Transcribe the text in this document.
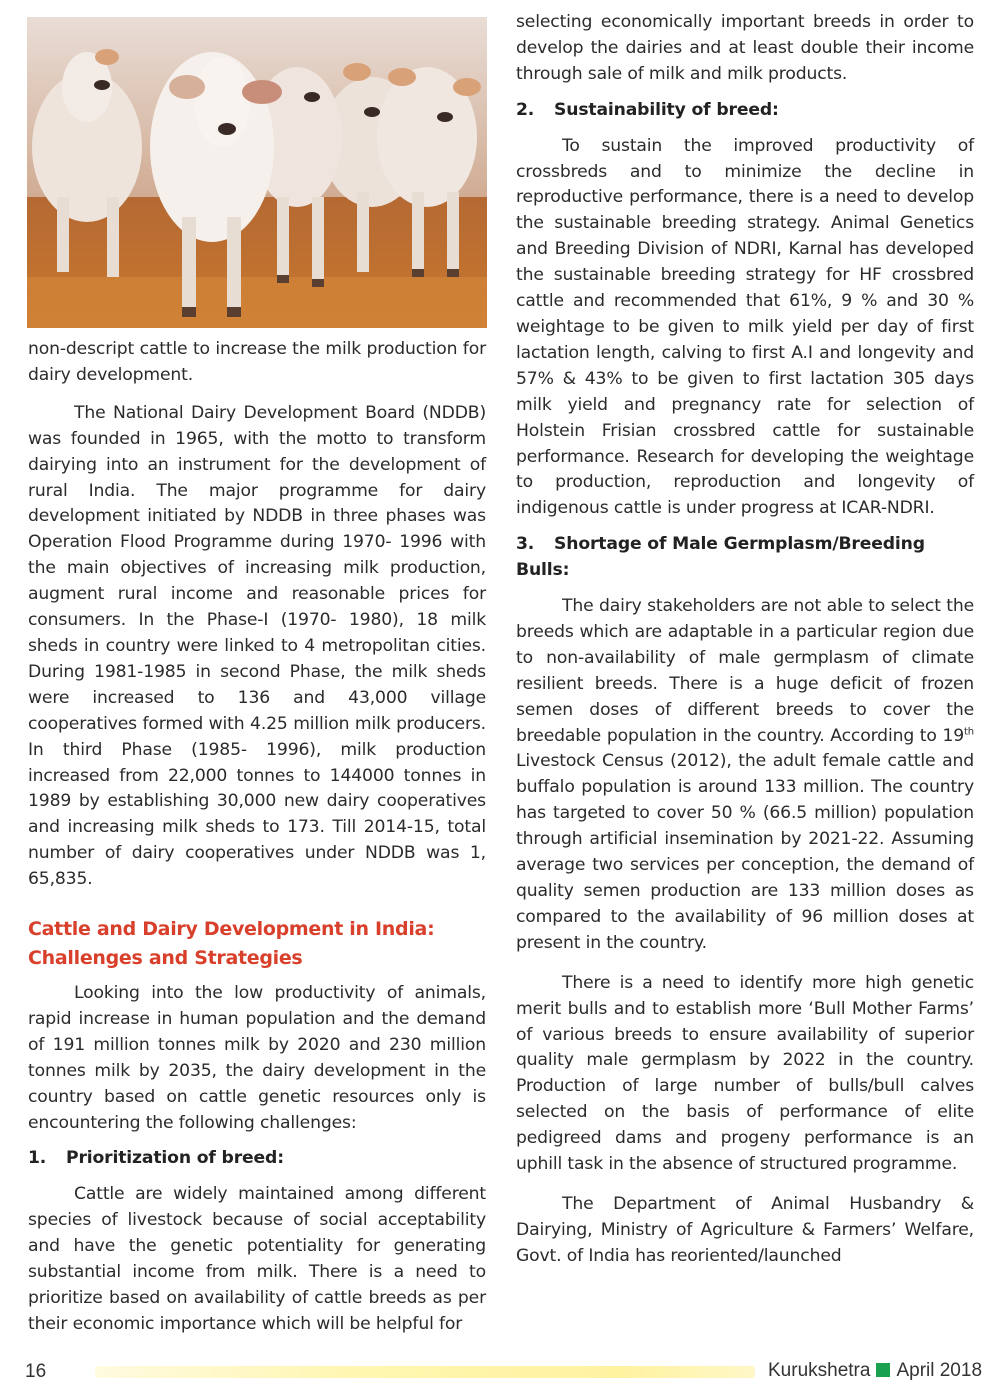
non-descript cattle to increase the milk production for dairy development.

The National Dairy Development Board (NDDB) was founded in 1965, with the motto to transform dairying into an instrument for the development of rural India. The major programme for dairy development initiated by NDDB in three phases was Operation Flood Programme during 1970- 1996 with the main objectives of increasing milk production, augment rural income and reasonable prices for consumers. In the Phase-I (1970- 1980), 18 milk sheds in country were linked to 4 metropolitan cities. During 1981-1985 in second Phase, the milk sheds were increased to 136 and 43,000 village cooperatives formed with 4.25 million milk producers. In third Phase (1985- 1996), milk production increased from 22,000 tonnes to 144000 tonnes in 1989 by establishing 30,000 new dairy cooperatives and increasing milk sheds to 173. Till 2014-15, total number of dairy cooperatives under NDDB was 1, 65,835.

Cattle and Dairy Development in India:
Challenges and Strategies

Looking into the low productivity of animals, rapid increase in human population and the demand of 191 million tonnes milk by 2020 and 230 million tonnes milk by 2035, the dairy development in the country based on cattle genetic resources only is encountering the following challenges:

1. Prioritization of breed:

Cattle are widely maintained among different species of livestock because of social acceptability and have the genetic potentiality for generating substantial income from milk. There is a need to prioritize based on availability of cattle breeds as per their economic importance which will be helpful for

selecting economically important breeds in order to develop the dairies and at least double their income through sale of milk and milk products.

2. Sustainability of breed:

To sustain the improved productivity of crossbreds and to minimize the decline in reproductive performance, there is a need to develop the sustainable breeding strategy. Animal Genetics and Breeding Division of NDRI, Karnal has developed the sustainable breeding strategy for HF crossbred cattle and recommended that 61%, 9 % and 30 % weightage to be given to milk yield per day of first lactation length, calving to first A.I and longevity and 57% & 43% to be given to first lactation 305 days milk yield and pregnancy rate for selection of Holstein Frisian crossbred cattle for sustainable performance. Research for developing the weightage to production, reproduction and longevity of indigenous cattle is under progress at ICAR-NDRI.

3. Shortage of Male Germplasm/Breeding Bulls:

The dairy stakeholders are not able to select the breeds which are adaptable in a particular region due to non-availability of male germplasm of climate resilient breeds. There is a huge deficit of frozen semen doses of different breeds to cover the breedable population in the country. According to 19th Livestock Census (2012), the adult female cattle and buffalo population is around 133 million. The country has targeted to cover 50 % (66.5 million) population through artificial insemination by 2021-22. Assuming average two services per conception, the demand of quality semen production are 133 million doses as compared to the availability of 96 million doses at present in the country.

There is a need to identify more high genetic merit bulls and to establish more ‘Bull Mother Farms’ of various breeds to ensure availability of superior quality male germplasm by 2022 in the country. Production of large number of bulls/bull calves selected on the basis of performance of elite pedigreed dams and progeny performance is an uphill task in the absence of structured programme.

The Department of Animal Husbandry & Dairying, Ministry of Agriculture & Farmers’ Welfare, Govt. of India has reoriented/launched

16	Kurukshetra April 2018
